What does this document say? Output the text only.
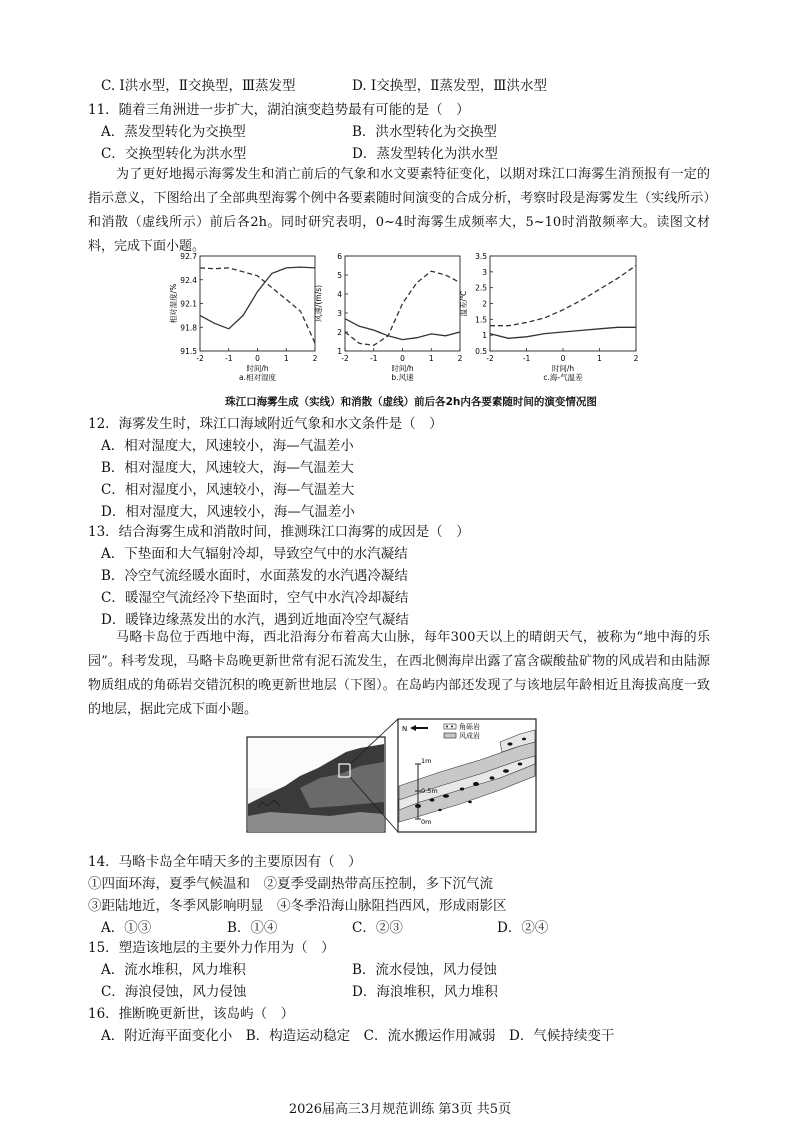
C. Ⅰ洪水型，Ⅱ交换型，Ⅲ蒸发型	D. Ⅰ交换型，Ⅱ蒸发型，Ⅲ洪水型
11．随着三角洲进一步扩大，湖泊演变趋势最有可能的是（　）
A．蒸发型转化为交换型	B．洪水型转化为交换型
C．交换型转化为洪水型	D．蒸发型转化为洪水型
为了更好地揭示海雾发生和消亡前后的气象和水文要素特征变化，以期对珠江口海雾生消预报有一定的指示意义，下图给出了全部典型海雾个例中各要素随时间演变的合成分析，考察时段是海雾发生（实线所示）和消散（虚线所示）前后各2h。同时研究表明，0~4时海雾生成频率大，5~10时消散频率大。读图文材料，完成下面小题。
92.7
92.4
92.1
91.8
91.5
-2	-1	0	1	2
相对湿度/%
时间/h
a.相对湿度
6
5
4
3
2
1
-2	-1	0	1	2
风速/(m/s)
时间/h
b.风速
3.5
3
2.5
2
1.5
1
0.5
-2	-1	0	1	2
温差/℃
时间/h
c.海-气温差
珠江口海雾生成（实线）和消散（虚线）前后各2h内各要素随时间的演变情况图
12．海雾发生时，珠江口海域附近气象和水文条件是（　）
A．相对湿度大，风速较小，海—气温差小
B．相对湿度大，风速较大，海—气温差大
C．相对湿度小，风速较小，海—气温差大
D．相对湿度大，风速较小，海—气温差小
13．结合海雾生成和消散时间，推测珠江口海雾的成因是（　）
A．下垫面和大气辐射冷却，导致空气中的水汽凝结
B．冷空气流经暖水面时，水面蒸发的水汽遇冷凝结
C．暖湿空气流经冷下垫面时，空气中水汽冷却凝结
D．暖锋边缘蒸发出的水汽，遇到近地面冷空气凝结
马略卡岛位于西地中海，西北沿海分布着高大山脉，每年300天以上的晴朗天气，被称为“地中海的乐园”。科考发现，马略卡岛晚更新世常有泥石流发生，在西北侧海岸出露了富含碳酸盐矿物的风成岩和由陆源物质组成的角砾岩交错沉积的晚更新世地层（下图）。在岛屿内部还发现了与该地层年龄相近且海拔高度一致的地层，据此完成下面小题。
1m
0.5m
0m
N	角砾岩
风成岩
14．马略卡岛全年晴天多的主要原因有（　）
①四面环海，夏季气候温和　②夏季受副热带高压控制，多下沉气流
③距陆地近，冬季风影响明显　④冬季沿海山脉阻挡西风，形成雨影区
A．①③	B．①④	C．②③	D．②④
15．塑造该地层的主要外力作用为（　）
A．流水堆积，风力堆积	B．流水侵蚀，风力侵蚀
C．海浪侵蚀，风力侵蚀	D．海浪堆积，风力堆积
16．推断晚更新世，该岛屿（　）
A．附近海平面变化小　B．构造运动稳定　C．流水搬运作用减弱　D．气候持续变干
2026届高三3月规范训练 第3页 共5页
